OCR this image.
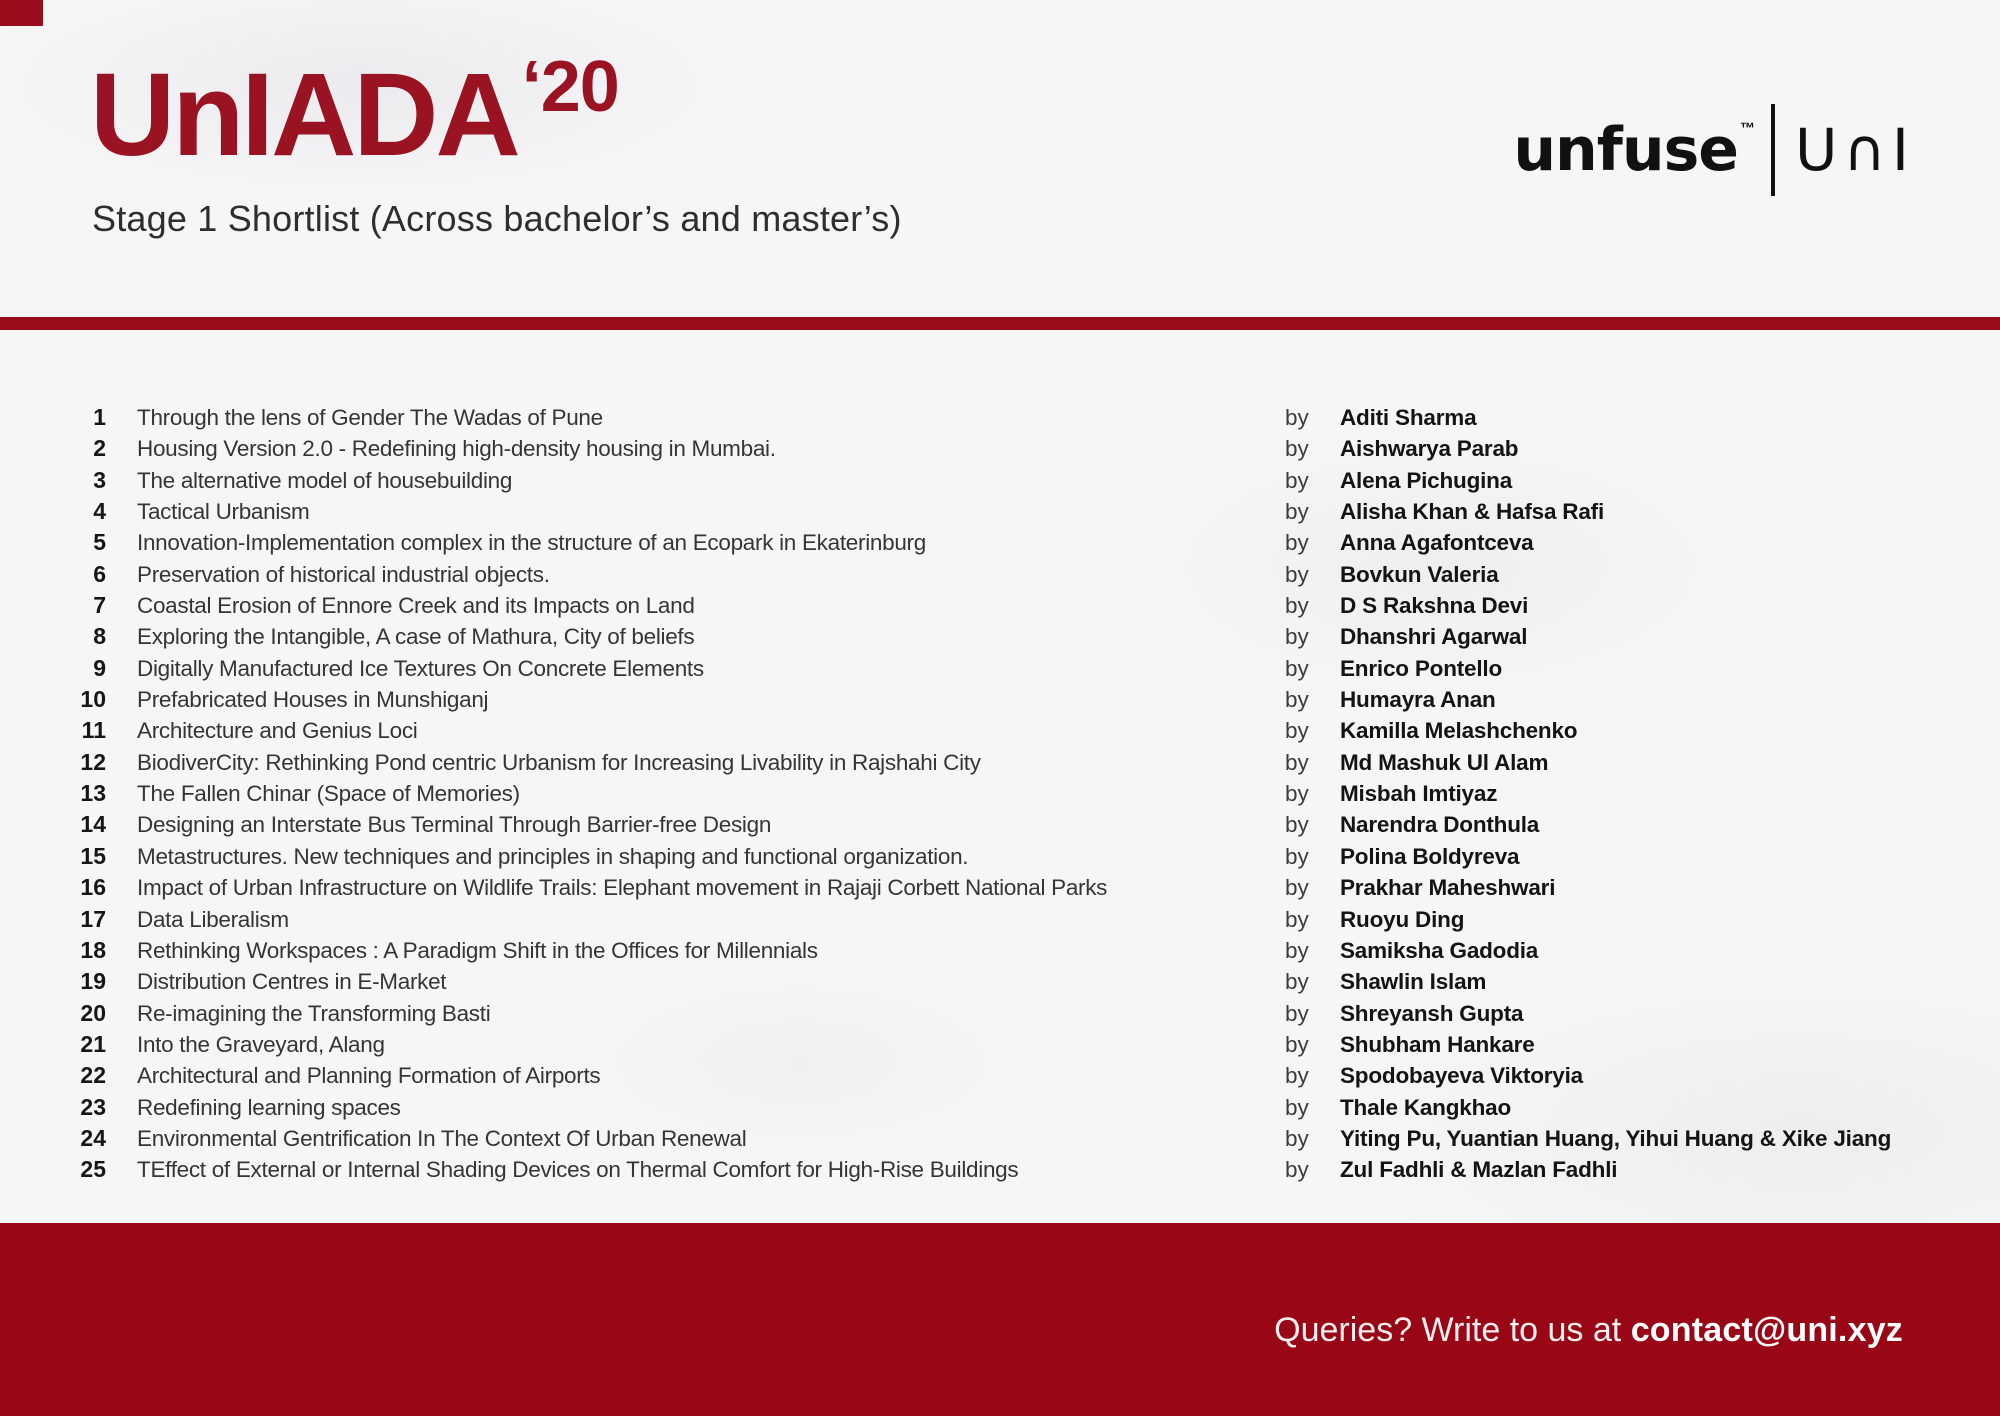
UnIADA$^{‘20}$
Stage 1 Shortlist (Across bachelor’s and master’s)
unfuse ™ U∩I
1	Through the lens of Gender The Wadas of Pune	by	Aditi Sharma
2	Housing Version 2.0 - Redefining high-density housing in Mumbai.	by	Aishwarya Parab
3	The alternative model of housebuilding	by	Alena Pichugina
4	Tactical Urbanism	by	Alisha Khan & Hafsa Rafi
5	Innovation-Implementation complex in the structure of an Ecopark in Ekaterinburg	by	Anna Agafontceva
6	Preservation of historical industrial objects.	by	Bovkun Valeria
7	Coastal Erosion of Ennore Creek and its Impacts on Land	by	D S Rakshna Devi
8	Exploring the Intangible, A case of Mathura, City of beliefs	by	Dhanshri Agarwal
9	Digitally Manufactured Ice Textures On Concrete Elements	by	Enrico Pontello
10	Prefabricated Houses in Munshiganj	by	Humayra Anan
11	Architecture and Genius Loci	by	Kamilla Melashchenko
12	BiodiverCity: Rethinking Pond centric Urbanism for Increasing Livability in Rajshahi City	by	Md Mashuk Ul Alam
13	The Fallen Chinar (Space of Memories)	by	Misbah Imtiyaz
14	Designing an Interstate Bus Terminal Through Barrier-free Design	by	Narendra Donthula
15	Metastructures. New techniques and principles in shaping and functional organization.	by	Polina Boldyreva
16	Impact of Urban Infrastructure on Wildlife Trails: Elephant movement in Rajaji Corbett National Parks	by	Prakhar Maheshwari
17	Data Liberalism	by	Ruoyu Ding
18	Rethinking Workspaces : A Paradigm Shift in the Offices for Millennials	by	Samiksha Gadodia
19	Distribution Centres in E-Market	by	Shawlin Islam
20	Re-imagining the Transforming Basti	by	Shreyansh Gupta
21	Into the Graveyard, Alang	by	Shubham Hankare
22	Architectural and Planning Formation of Airports	by	Spodobayeva Viktoryia
23	Redefining learning spaces	by	Thale Kangkhao
24	Environmental Gentrification In The Context Of Urban Renewal	by	Yiting Pu, Yuantian Huang, Yihui Huang & Xike Jiang
25	TEffect of External or Internal Shading Devices on Thermal Comfort for High-Rise Buildings	by	Zul Fadhli & Mazlan Fadhli
Queries? Write to us at contact@uni.xyz
